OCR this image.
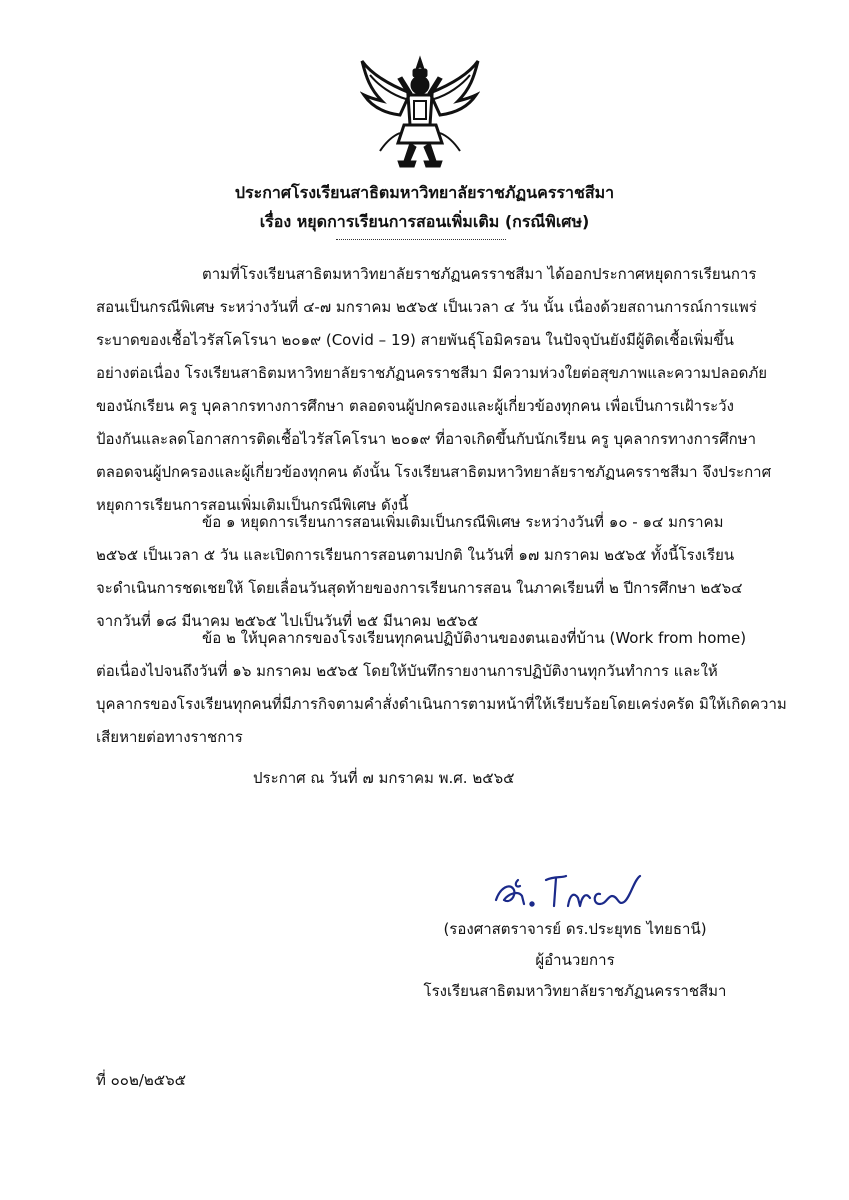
ประกาศโรงเรียนสาธิตมหาวิทยาลัยราชภัฏนครราชสีมา
เรื่อง หยุดการเรียนการสอนเพิ่มเติม (กรณีพิเศษ)
ตามที่โรงเรียนสาธิตมหาวิทยาลัยราชภัฏนครราชสีมา ได้ออกประกาศหยุดการเรียนการ
สอนเป็นกรณีพิเศษ ระหว่างวันที่ ๔-๗ มกราคม ๒๕๖๕ เป็นเวลา ๔ วัน นั้น เนื่องด้วยสถานการณ์การแพร่
ระบาดของเชื้อไวรัสโคโรนา ๒๐๑๙ (Covid – 19) สายพันธุ์โอมิครอน ในปัจจุบันยังมีผู้ติดเชื้อเพิ่มขึ้น
อย่างต่อเนื่อง โรงเรียนสาธิตมหาวิทยาลัยราชภัฏนครราชสีมา มีความห่วงใยต่อสุขภาพและความปลอดภัย
ของนักเรียน ครู บุคลากรทางการศึกษา ตลอดจนผู้ปกครองและผู้เกี่ยวข้องทุกคน เพื่อเป็นการเฝ้าระวัง
ป้องกันและลดโอกาสการติดเชื้อไวรัสโคโรนา ๒๐๑๙ ที่อาจเกิดขึ้นกับนักเรียน ครู บุคลากรทางการศึกษา
ตลอดจนผู้ปกครองและผู้เกี่ยวข้องทุกคน ดังนั้น โรงเรียนสาธิตมหาวิทยาลัยราชภัฏนครราชสีมา จึงประกาศ
หยุดการเรียนการสอนเพิ่มเติมเป็นกรณีพิเศษ ดังนี้
ข้อ ๑ หยุดการเรียนการสอนเพิ่มเติมเป็นกรณีพิเศษ ระหว่างวันที่ ๑๐ - ๑๔ มกราคม
๒๕๖๕ เป็นเวลา ๕ วัน และเปิดการเรียนการสอนตามปกติ ในวันที่ ๑๗ มกราคม ๒๕๖๕ ทั้งนี้โรงเรียน
จะดำเนินการชดเชยให้ โดยเลื่อนวันสุดท้ายของการเรียนการสอน ในภาคเรียนที่ ๒ ปีการศึกษา ๒๕๖๔
จากวันที่ ๑๘ มีนาคม ๒๕๖๕ ไปเป็นวันที่ ๒๕ มีนาคม ๒๕๖๕
ข้อ ๒ ให้บุคลากรของโรงเรียนทุกคนปฏิบัติงานของตนเองที่บ้าน (Work from home)
ต่อเนื่องไปจนถึงวันที่ ๑๖ มกราคม ๒๕๖๕ โดยให้บันทึกรายงานการปฏิบัติงานทุกวันทำการ และให้
บุคลากรของโรงเรียนทุกคนที่มีภารกิจตามคำสั่งดำเนินการตามหน้าที่ให้เรียบร้อยโดยเคร่งครัด มิให้เกิดความ
เสียหายต่อทางราชการ
ประกาศ ณ วันที่ ๗ มกราคม พ.ศ. ๒๕๖๕
(รองศาสตราจารย์ ดร.ประยุทธ ไทยธานี)
ผู้อำนวยการ
โรงเรียนสาธิตมหาวิทยาลัยราชภัฏนครราชสีมา
ที่ ๐๐๒/๒๕๖๕
